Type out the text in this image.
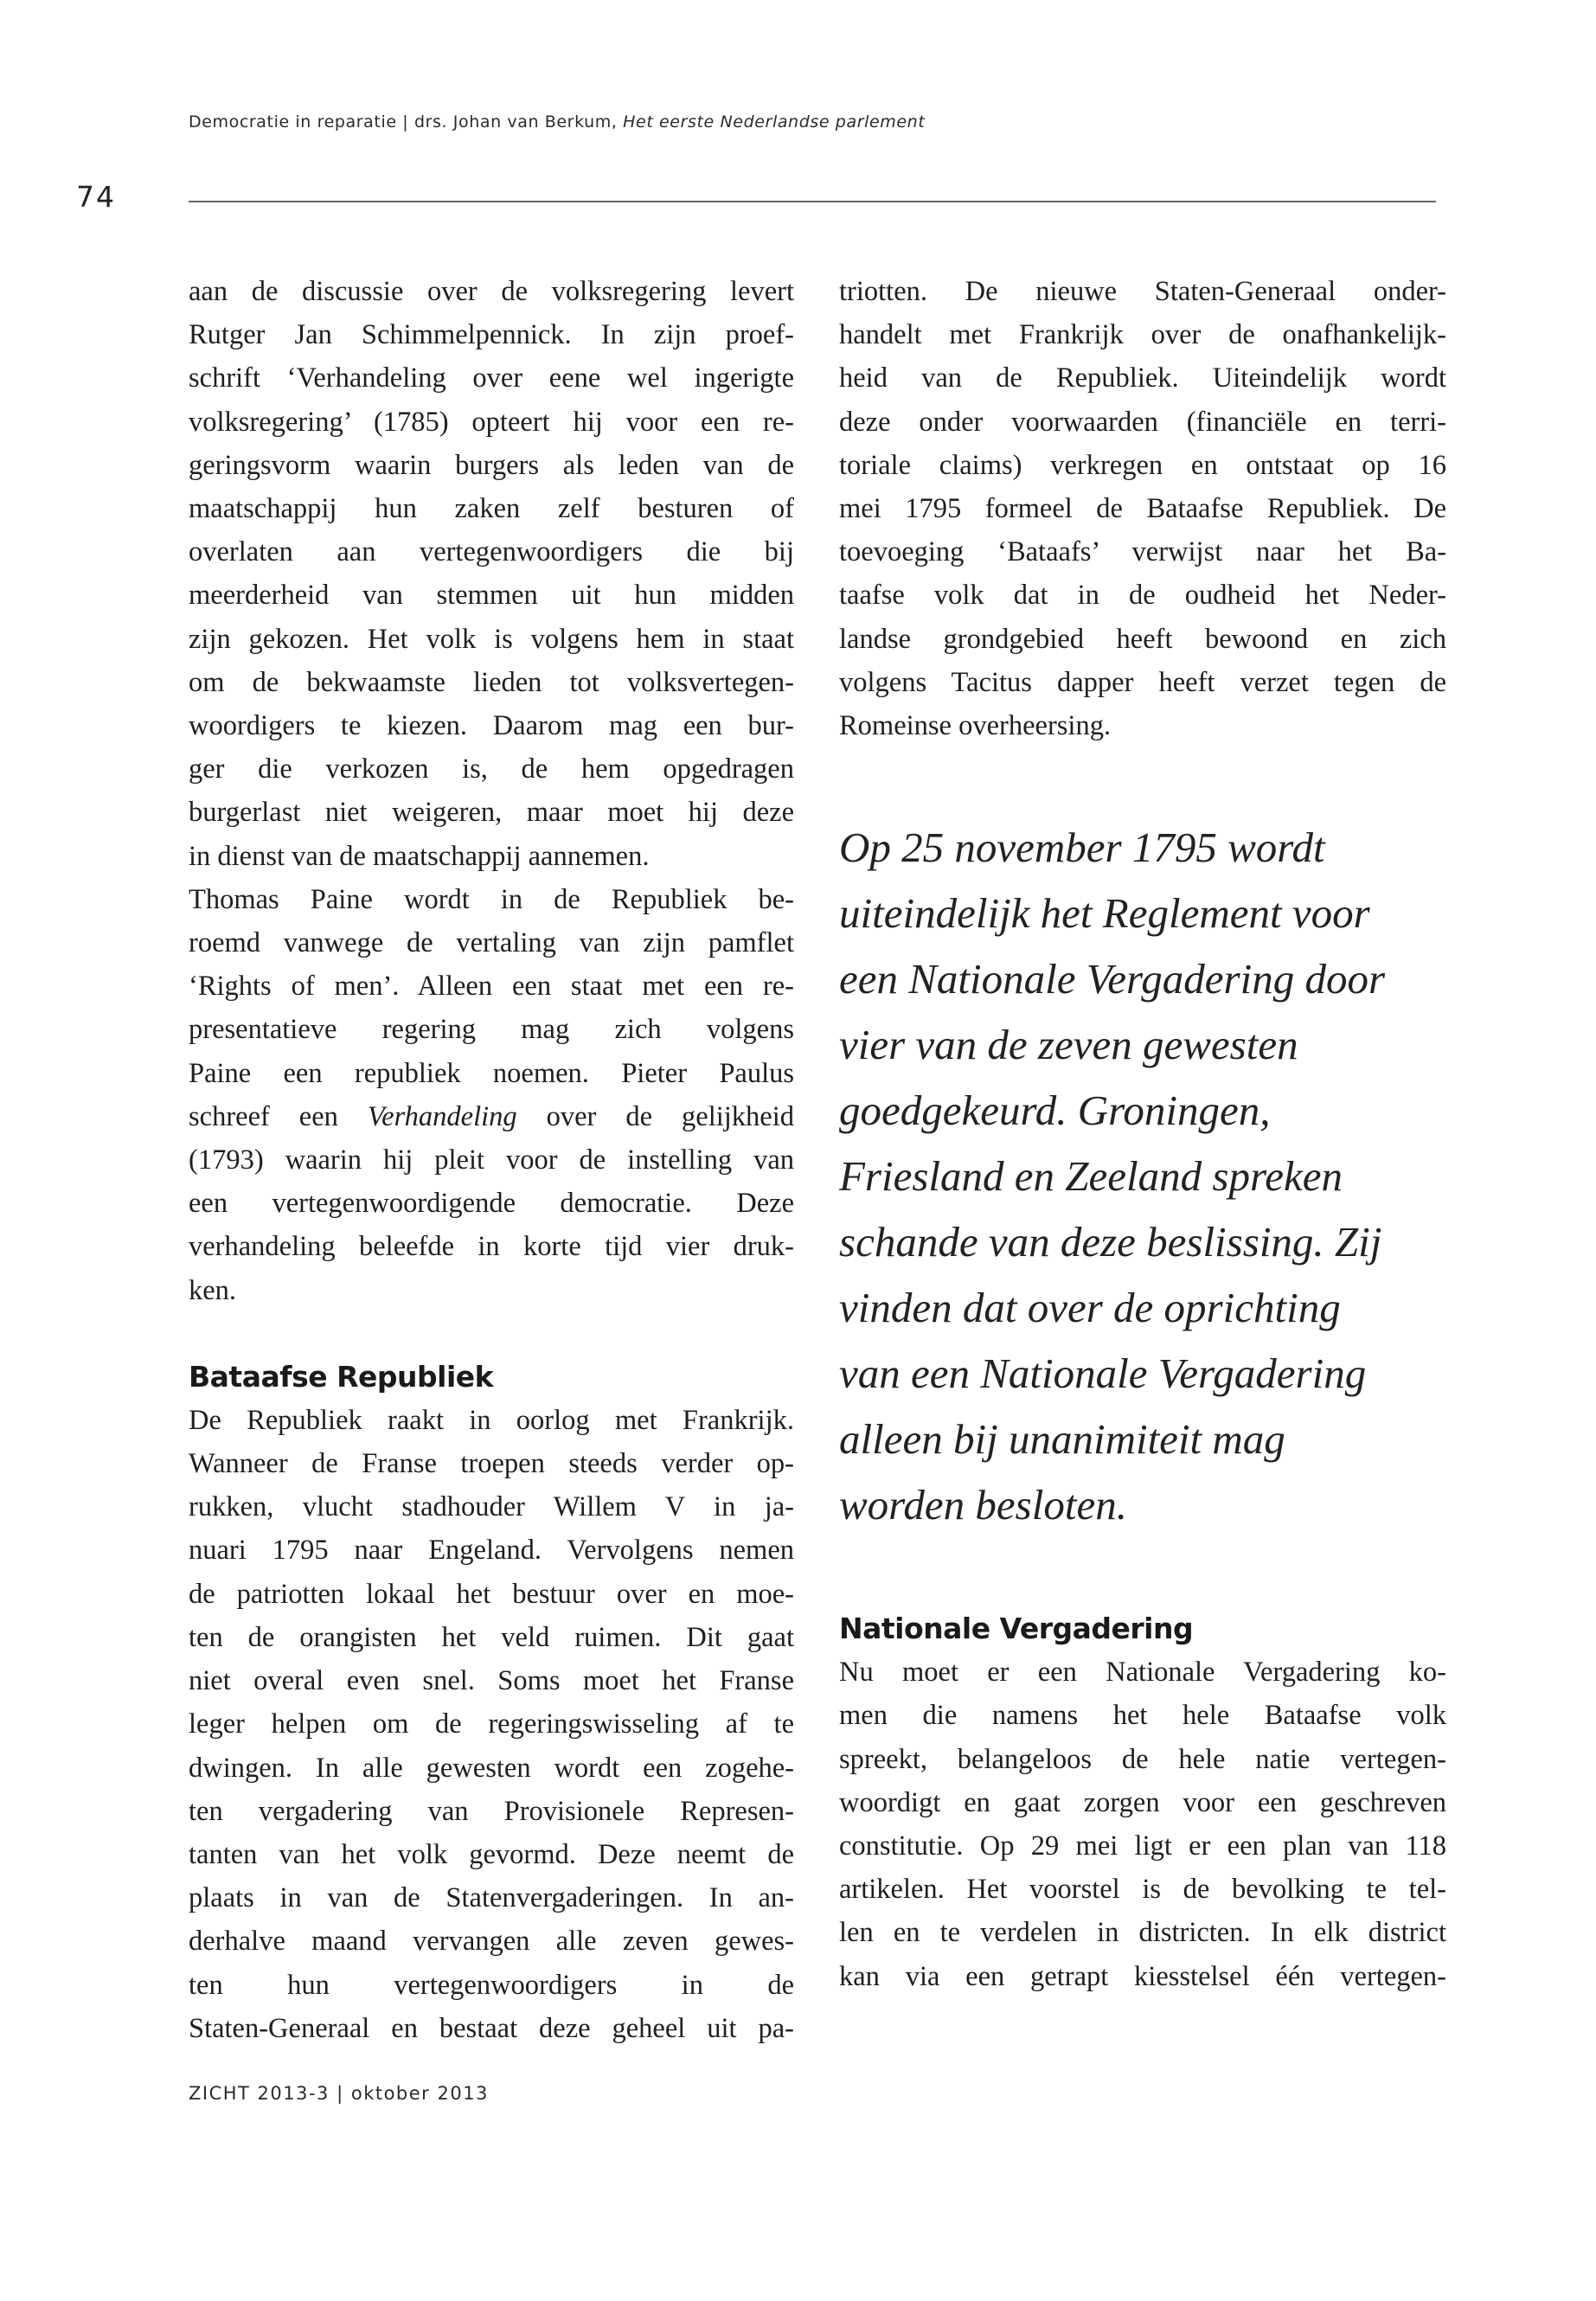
Democratie in reparatie | drs. Johan van Berkum, Het eerste Nederlandse parlement
74

aan de discussie over de volksregering levert
Rutger Jan Schimmelpennick. In zijn proef-
schrift ‘Verhandeling over eene wel ingerigte
volksregering’ (1785) opteert hij voor een re-
geringsvorm waarin burgers als leden van de
maatschappij hun zaken zelf besturen of
overlaten aan vertegenwoordigers die bij
meerderheid van stemmen uit hun midden
zijn gekozen. Het volk is volgens hem in staat
om de bekwaamste lieden tot volksvertegen-
woordigers te kiezen. Daarom mag een bur-
ger die verkozen is, de hem opgedragen
burgerlast niet weigeren, maar moet hij deze
in dienst van de maatschappij aannemen.

Thomas Paine wordt in de Republiek be-
roemd vanwege de vertaling van zijn pamflet
‘Rights of men’. Alleen een staat met een re-
presentatieve regering mag zich volgens
Paine een republiek noemen. Pieter Paulus
schreef een Verhandeling over de gelijkheid
(1793) waarin hij pleit voor de instelling van
een vertegenwoordigende democratie. Deze
verhandeling beleefde in korte tijd vier druk-
ken.

Bataafse Republiek

De Republiek raakt in oorlog met Frankrijk.
Wanneer de Franse troepen steeds verder op-
rukken, vlucht stadhouder Willem V in ja-
nuari 1795 naar Engeland. Vervolgens nemen
de patriotten lokaal het bestuur over en moe-
ten de orangisten het veld ruimen. Dit gaat
niet overal even snel. Soms moet het Franse
leger helpen om de regeringswisseling af te
dwingen. In alle gewesten wordt een zogehe-
ten vergadering van Provisionele Represen-
tanten van het volk gevormd. Deze neemt de
plaats in van de Statenvergaderingen. In an-
derhalve maand vervangen alle zeven gewes-
ten hun vertegenwoordigers in de
Staten-Generaal en bestaat deze geheel uit pa-

triotten. De nieuwe Staten-Generaal onder-
handelt met Frankrijk over de onafhankelijk-
heid van de Republiek. Uiteindelijk wordt
deze onder voorwaarden (financiële en terri-
toriale claims) verkregen en ontstaat op 16
mei 1795 formeel de Bataafse Republiek. De
toevoeging ‘Bataafs’ verwijst naar het Ba-
taafse volk dat in de oudheid het Neder-
landse grondgebied heeft bewoond en zich
volgens Tacitus dapper heeft verzet tegen de
Romeinse overheersing.

Op 25 november 1795 wordt
uiteindelijk het Reglement voor
een Nationale Vergadering door
vier van de zeven gewesten
goedgekeurd. Groningen,
Friesland en Zeeland spreken
schande van deze beslissing. Zij
vinden dat over de oprichting
van een Nationale Vergadering
alleen bij unanimiteit mag
worden besloten.
Nationale Vergadering

Nu moet er een Nationale Vergadering ko-
men die namens het hele Bataafse volk
spreekt, belangeloos de hele natie vertegen-
woordigt en gaat zorgen voor een geschreven
constitutie. Op 29 mei ligt er een plan van 118
artikelen. Het voorstel is de bevolking te tel-
len en te verdelen in districten. In elk district
kan via een getrapt kiesstelsel één vertegen-

ZICHT 2013-3 | oktober 2013
